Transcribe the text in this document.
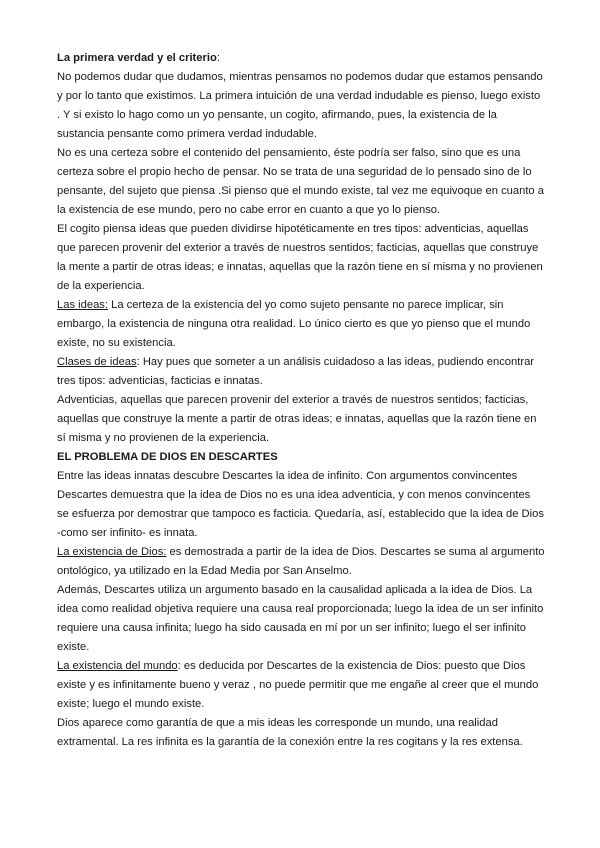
La primera verdad y el criterio:

No podemos dudar que dudamos, mientras pensamos no podemos dudar que estamos pensando y por lo tanto que existimos. La primera intuición de una verdad indudable es pienso, luego existo . Y si existo lo hago como un yo pensante, un cogito, afirmando, pues, la existencia de la sustancia pensante como primera verdad indudable.

No es una certeza sobre el contenido del pensamiento, éste podría ser falso, sino que es una certeza sobre el propio hecho de pensar. No se trata de una seguridad de lo pensado sino de lo pensante, del sujeto que piensa .Si pienso que el mundo existe, tal vez me equivoque en cuanto a la existencia de ese mundo, pero no cabe error en cuanto a que yo lo pienso.

El cogito piensa ideas que pueden dividirse hipotéticamente en tres tipos: adventicias, aquellas que parecen provenir del exterior a través de nuestros sentidos; facticias, aquellas que construye la mente a partir de otras ideas; e innatas, aquellas que la razón tiene en sí misma y no provienen de la experiencia.

Las ideas: La certeza de la existencia del yo como sujeto pensante no parece implicar, sin embargo, la existencia de ninguna otra realidad. Lo único cierto es que yo pienso que el mundo existe, no su existencia.

Clases de ideas: Hay pues que someter a un análisis cuidadoso a las ideas, pudiendo encontrar tres tipos: adventicias, facticias e innatas.

Adventicias, aquellas que parecen provenir del exterior a través de nuestros sentidos; facticias, aquellas que construye la mente a partir de otras ideas; e innatas, aquellas que la razón tiene en sí misma y no provienen de la experiencia.

EL PROBLEMA DE DIOS EN DESCARTES

Entre las ideas innatas descubre Descartes la idea de infinito. Con argumentos convincentes Descartes demuestra que la idea de Dios no es una idea adventicia, y con menos convincentes se esfuerza por demostrar que tampoco es facticia. Quedaría, así, establecido que la idea de Dios -como ser infinito- es innata.

La existencia de Dios: es demostrada a partir de la idea de Dios. Descartes se suma al argumento ontológico, ya utilizado en la Edad Media por San Anselmo.

Además, Descartes utiliza un argumento basado en la causalidad aplicada a la idea de Dios. La idea como realidad objetiva requiere una causa real proporcionada; luego la idea de un ser infinito requiere una causa infinita; luego ha sido causada en mí por un ser infinito; luego el ser infinito existe.

La existencia del mundo: es deducida por Descartes de la existencia de Dios: puesto que Dios existe y es infinitamente bueno y veraz , no puede permitir que me engañe al creer que el mundo existe; luego el mundo existe.

Dios aparece como garantía de que a mis ideas les corresponde un mundo, una realidad extramental. La res infinita es la garantía de la conexión entre la res cogitans y la res extensa.
